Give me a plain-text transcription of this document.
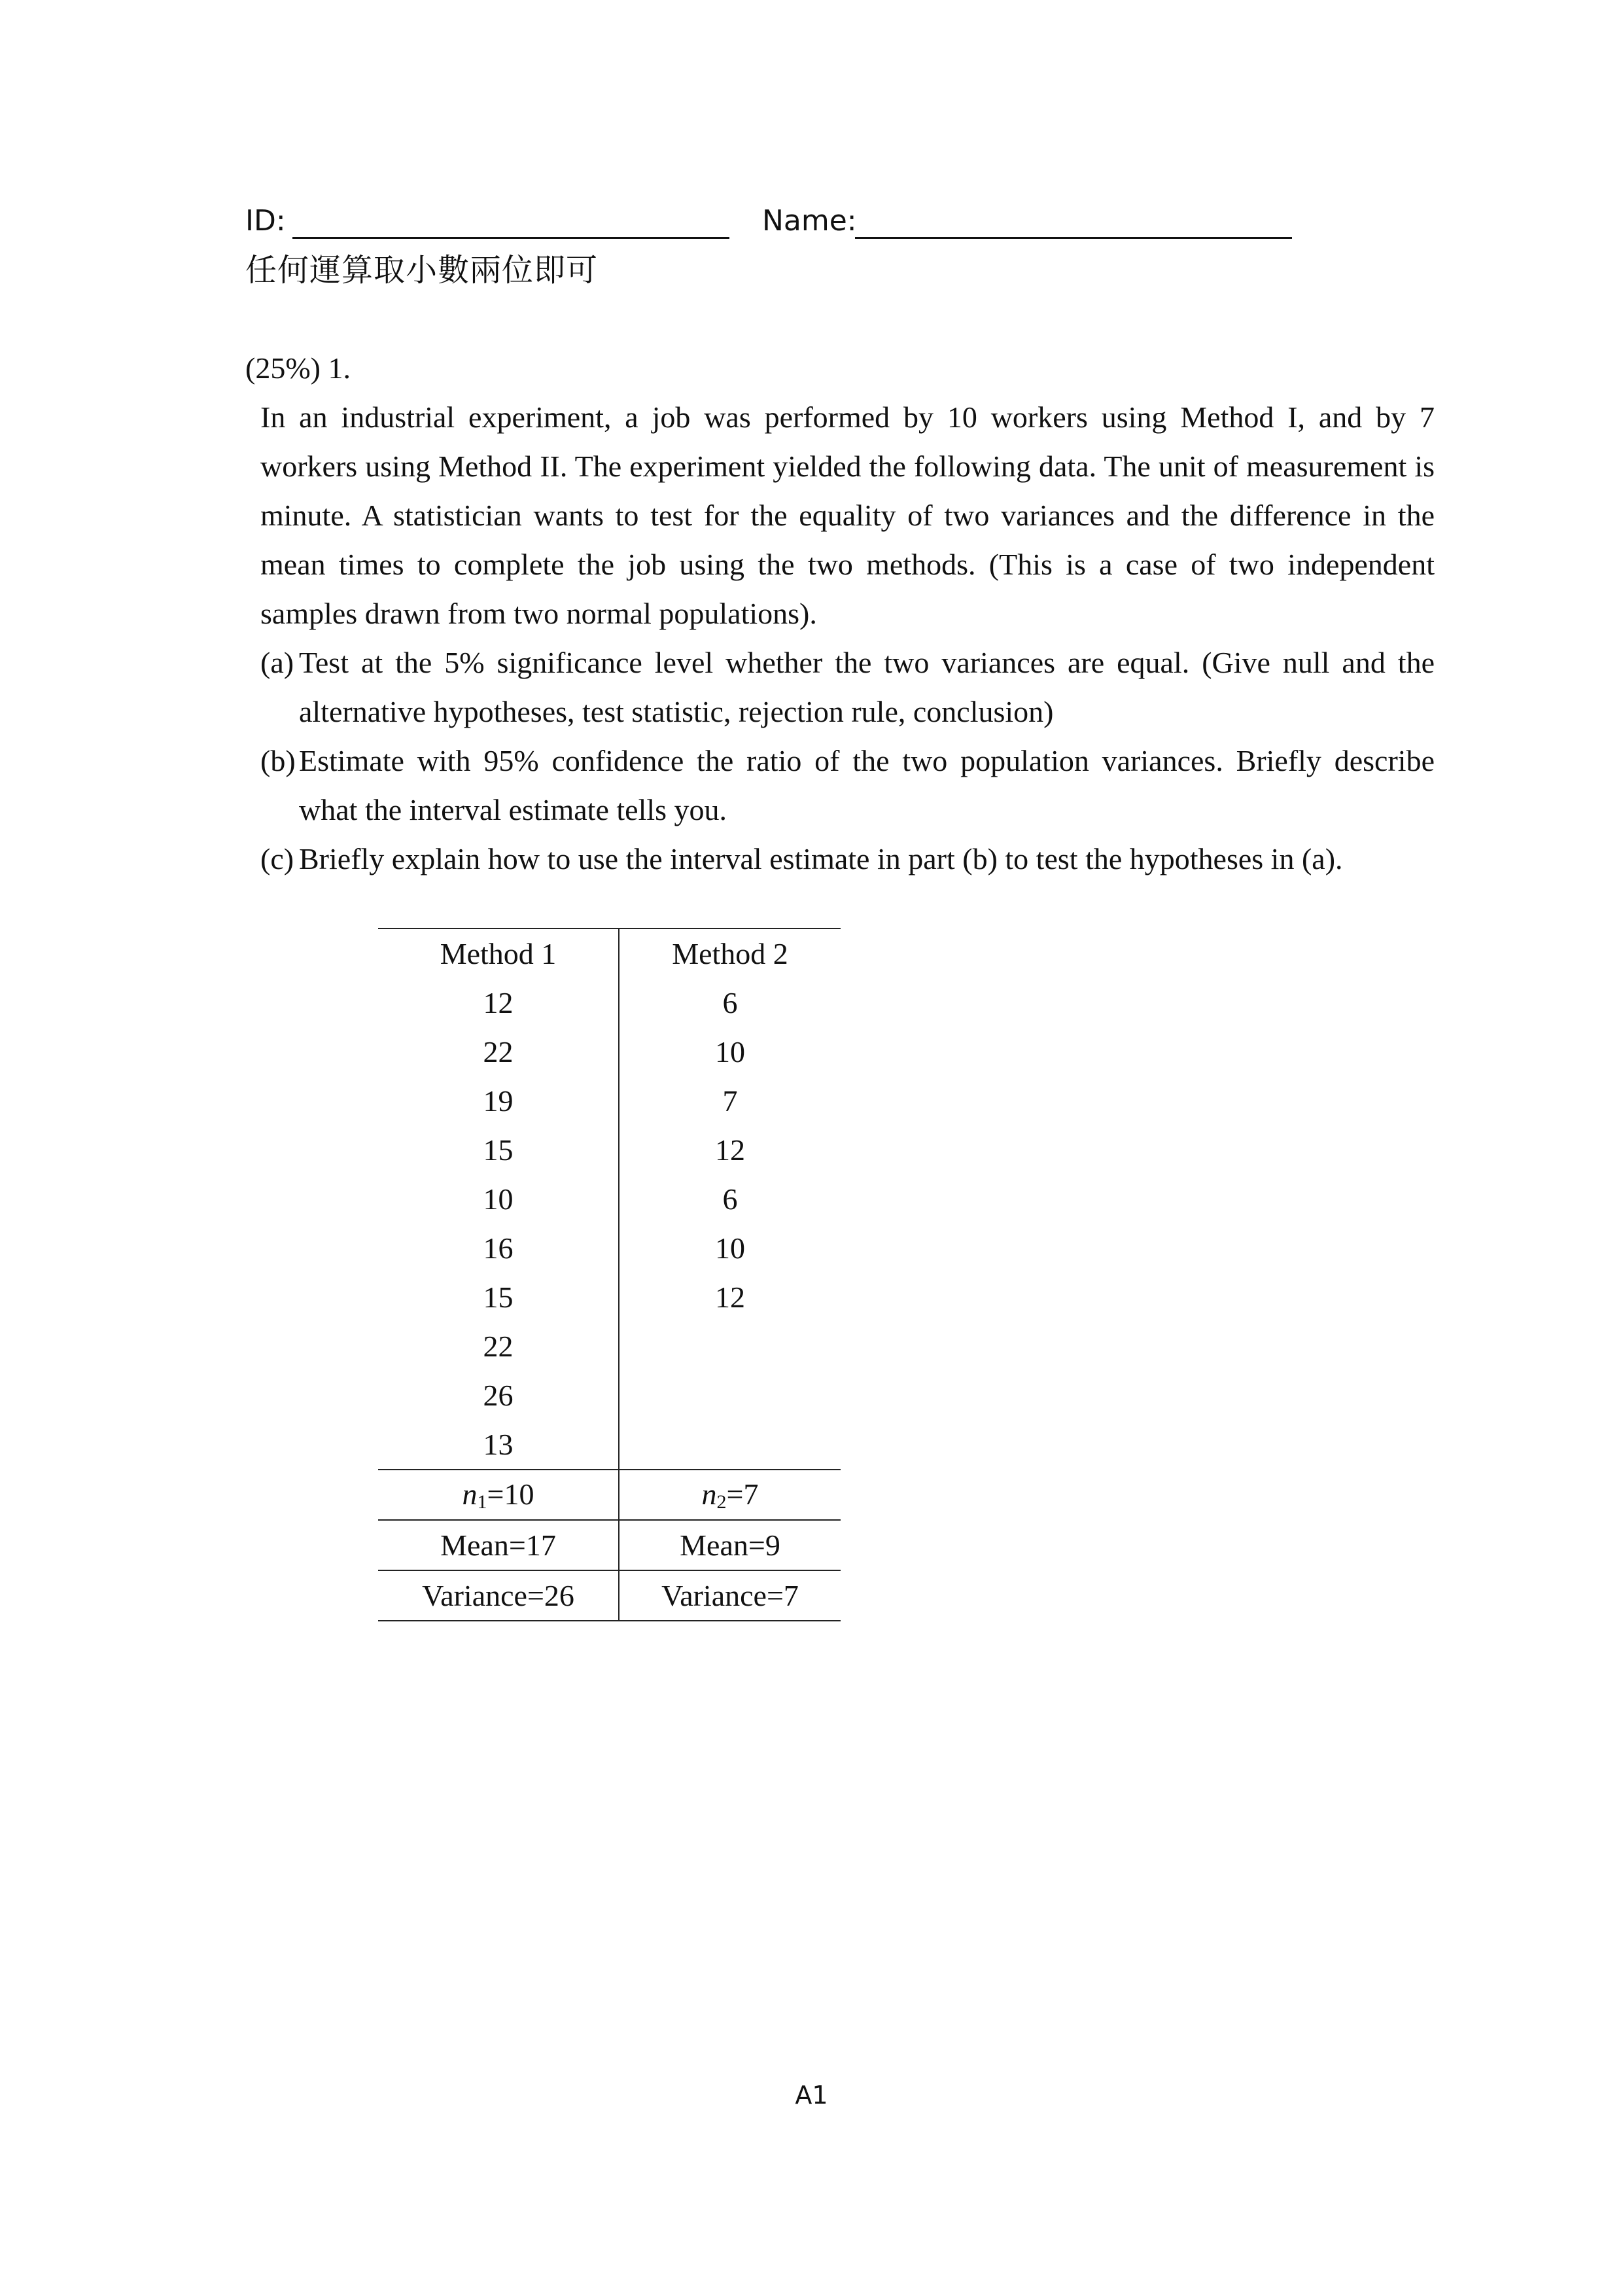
ID:	Name:
任何運算取小數兩位即可
(25%) 1.

In an industrial experiment, a job was performed by 10 workers using Method I, and by 7 workers using Method II. The experiment yielded the following data. The unit of measurement is minute. A statistician wants to test for the equality of two variances and the difference in the mean times to complete the job using the two methods. (This is a case of two independent samples drawn from two normal populations).

(a) Test at the 5% significance level whether the two variances are equal. (Give null and the alternative hypotheses, test statistic, rejection rule, conclusion)

(b) Estimate with 95% confidence the ratio of the two population variances. Briefly describe what the interval estimate tells you.

(c) Briefly explain how to use the interval estimate in part (b) to test the hypotheses in (a).

Method 1	Method 2
12	6
22	10
19	7
15	12
10	6
16	10
15	12
22	
26	
13	
n1=10	n2=7
Mean=17	Mean=9
Variance=26	Variance=7
A1
